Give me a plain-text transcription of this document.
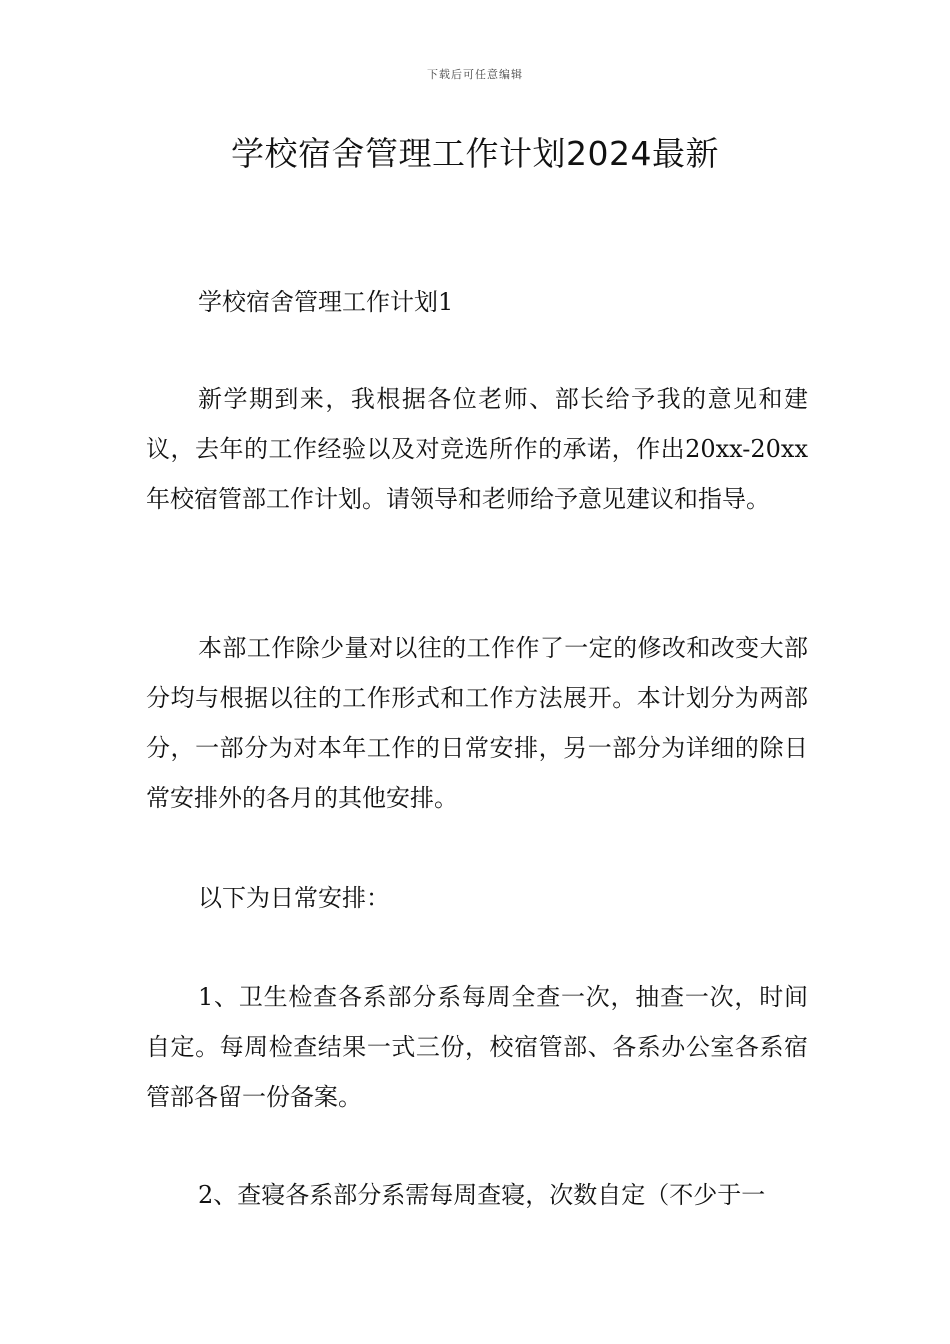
下载后可任意编辑
学校宿舍管理工作计划2024最新

学校宿舍管理工作计划1

新学期到来，我根据各位老师、部长给予我的意见和建议，去年的工作经验以及对竞选所作的承诺，作出20xx-20xx年校宿管部工作计划。请领导和老师给予意见建议和指导。

本部工作除少量对以往的工作作了一定的修改和改变大部分均与根据以往的工作形式和工作方法展开。本计划分为两部分，一部分为对本年工作的日常安排，另一部分为详细的除日常安排外的各月的其他安排。

以下为日常安排：

1、卫生检查各系部分系每周全查一次，抽查一次，时间自定。每周检查结果一式三份，校宿管部、各系办公室各系宿管部各留一份备案。

2、查寝各系部分系需每周查寝，次数自定（不少于一
